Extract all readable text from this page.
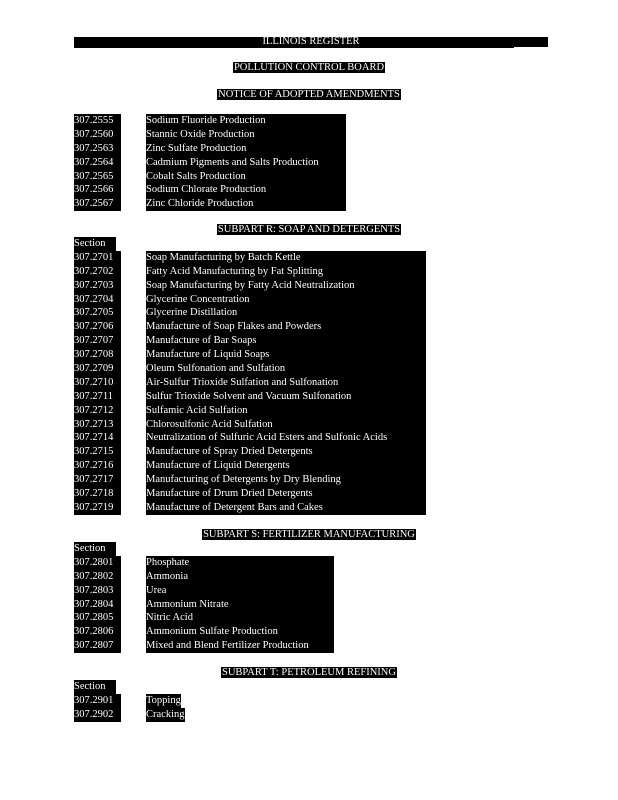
ILLINOIS REGISTER
POLLUTION CONTROL BOARD
NOTICE OF ADOPTED AMENDMENTS
307.2555	Sodium Fluoride Production
307.2560	Stannic Oxide Production
307.2563	Zinc Sulfate Production
307.2564	Cadmium Pigments and Salts Production
307.2565	Cobalt Salts Production
307.2566	Sodium Chlorate Production
307.2567	Zinc Chloride Production
SUBPART R: SOAP AND DETERGENTS
Section
307.2701	Soap Manufacturing by Batch Kettle
307.2702	Fatty Acid Manufacturing by Fat Splitting
307.2703	Soap Manufacturing by Fatty Acid Neutralization
307.2704	Glycerine Concentration
307.2705	Glycerine Distillation
307.2706	Manufacture of Soap Flakes and Powders
307.2707	Manufacture of Bar Soaps
307.2708	Manufacture of Liquid Soaps
307.2709	Oleum Sulfonation and Sulfation
307.2710	Air-Sulfur Trioxide Sulfation and Sulfonation
307.2711	Sulfur Trioxide Solvent and Vacuum Sulfonation
307.2712	Sulfamic Acid Sulfation
307.2713	Chlorosulfonic Acid Sulfation
307.2714	Neutralization of Sulfuric Acid Esters and Sulfonic Acids
307.2715	Manufacture of Spray Dried Detergents
307.2716	Manufacture of Liquid Detergents
307.2717	Manufacturing of Detergents by Dry Blending
307.2718	Manufacture of Drum Dried Detergents
307.2719	Manufacture of Detergent Bars and Cakes
SUBPART S: FERTILIZER MANUFACTURING
Section
307.2801	Phosphate
307.2802	Ammonia
307.2803	Urea
307.2804	Ammonium Nitrate
307.2805	Nitric Acid
307.2806	Ammonium Sulfate Production
307.2807	Mixed and Blend Fertilizer Production
SUBPART T: PETROLEUM REFINING
Section
307.2901	Topping
307.2902	Cracking
